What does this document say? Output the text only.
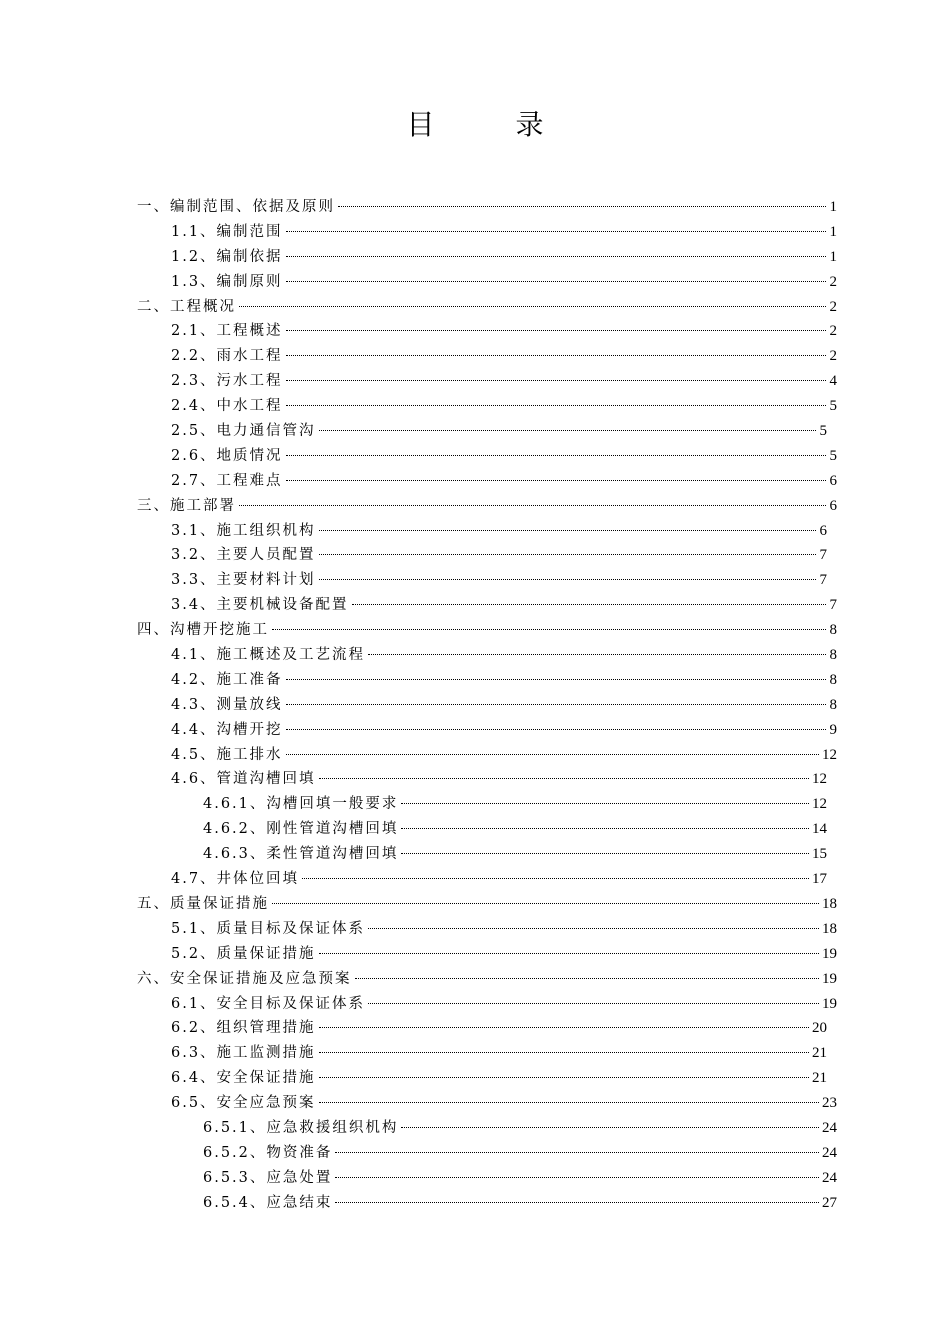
目 录
一、编制范围、依据及原则	1
1.1、编制范围	1
1.2、编制依据	1
1.3、编制原则	2
二、工程概况	2
2.1、工程概述	2
2.2、雨水工程	2
2.3、污水工程	4
2.4、中水工程	5
2.5、电力通信管沟	5
2.6、地质情况	5
2.7、工程难点	6
三、施工部署	6
3.1、施工组织机构	6
3.2、主要人员配置	7
3.3、主要材料计划	7
3.4、主要机械设备配置	7
四、沟槽开挖施工	8
4.1、施工概述及工艺流程	8
4.2、施工准备	8
4.3、测量放线	8
4.4、沟槽开挖	9
4.5、施工排水	12
4.6、管道沟槽回填	12
4.6.1、沟槽回填一般要求	12
4.6.2、刚性管道沟槽回填	14
4.6.3、柔性管道沟槽回填	15
4.7、井体位回填	17
五、质量保证措施	18
5.1、质量目标及保证体系	18
5.2、质量保证措施	19
六、安全保证措施及应急预案	19
6.1、安全目标及保证体系	19
6.2、组织管理措施	20
6.3、施工监测措施	21
6.4、安全保证措施	21
6.5、安全应急预案	23
6.5.1、应急救援组织机构	24
6.5.2、物资准备	24
6.5.3、应急处置	24
6.5.4、应急结束	27
